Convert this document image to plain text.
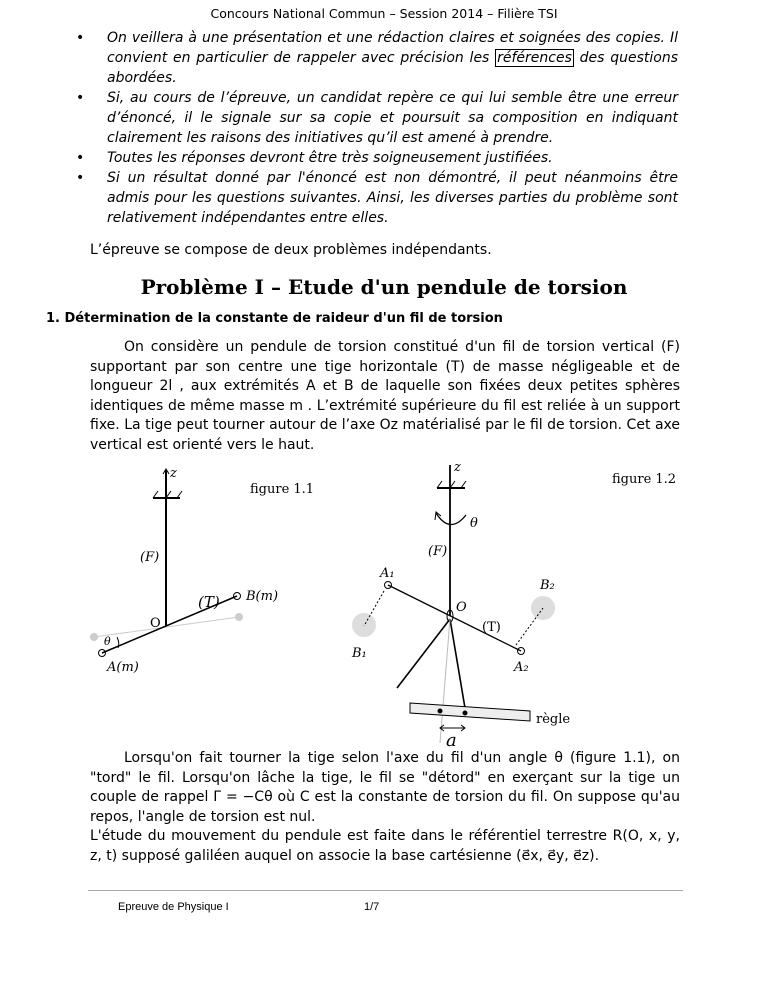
Concours National Commun – Session 2014 – Filière TSI
• On veillera à une présentation et une rédaction claires et soignées des copies. Il convient en particulier de rappeler avec précision les références des questions abordées.
• Si, au cours de l’épreuve, un candidat repère ce qui lui semble être une erreur d’énoncé, il le signale sur sa copie et poursuit sa composition en indiquant clairement les raisons des initiatives qu’il est amené à prendre.
• Toutes les réponses devront être très soigneusement justifiées.
• Si un résultat donné par l'énoncé est non démontré, il peut néanmoins être admis pour les questions suivantes. Ainsi, les diverses parties du problème sont relativement indépendantes entre elles.
L’épreuve se compose de deux problèmes indépendants.
Problème I – Etude d'un pendule de torsion
1. Détermination de la constante de raideur d'un fil de torsion
On considère un pendule de torsion constitué d'un fil de torsion vertical (F) supportant par son centre une tige horizontale (T) de masse négligeable et de longueur 2l , aux extrémités A et B de laquelle son fixées deux petites sphères identiques de même masse m . L’extrémité supérieure du fil est reliée à un support fixe. La tige peut tourner autour de l’axe Oz matérialisé par le fil de torsion. Cet axe vertical est orienté vers le haut.
z
figure 1.1
(F)
(T) B(m)
O
A(m)
θ
z
figure 1.2
θ
(F)
A₁
B₂
O
(T)
B₁
A₂
règle
a
Lorsqu'on fait tourner la tige selon l'axe du fil d'un angle θ (figure 1.1), on "tord" le fil. Lorsqu'on lâche la tige, le fil se "détord" en exerçant sur la tige un couple de rappel Γ = −Cθ où C est la constante de torsion du fil. On suppose qu'au repos, l'angle de torsion est nul.
L'étude du mouvement du pendule est faite dans le référentiel terrestre R(O, x, y, z, t) supposé galiléen auquel on associe la base cartésienne (e⃗x, e⃗y, e⃗z).
Epreuve de Physique I	1/7
